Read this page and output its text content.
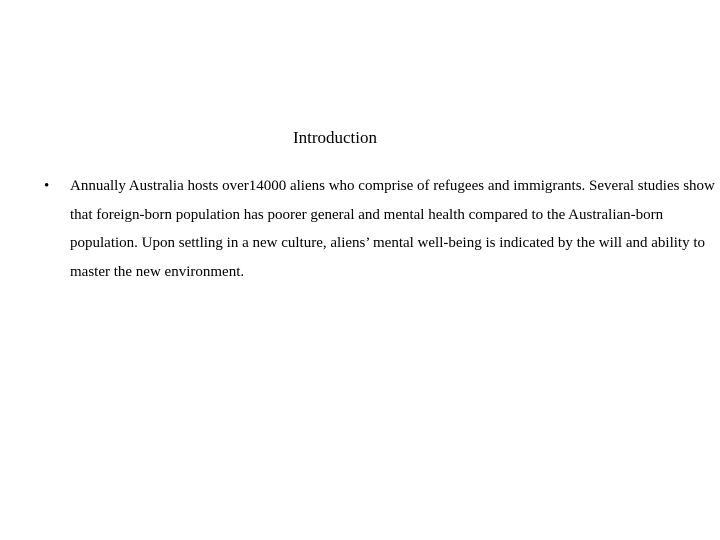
Introduction
• Annually Australia hosts over14000 aliens who comprise of refugees and immigrants. Several studies show that foreign-born population has poorer general and mental health compared to the Australian-born population. Upon settling in a new culture, aliens’ mental well-being is indicated by the will and ability to master the new environment.
